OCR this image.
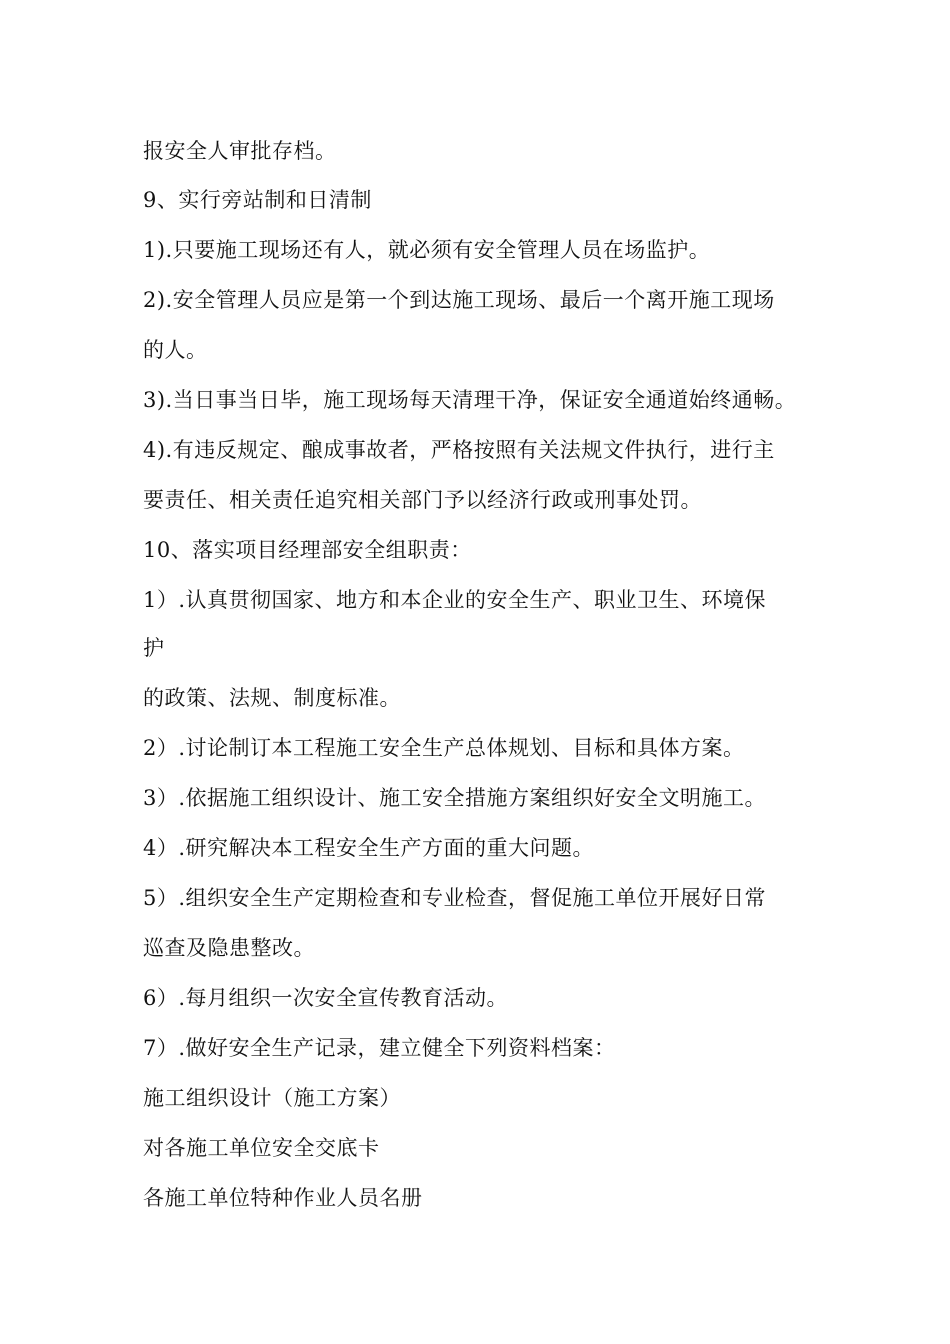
报安全人审批存档。
9、实行旁站制和日清制
1).只要施工现场还有人，就必须有安全管理人员在场监护。
2).安全管理人员应是第一个到达施工现场、最后一个离开施工现场
的人。
3).当日事当日毕，施工现场每天清理干净，保证安全通道始终通畅。
4).有违反规定、酿成事故者，严格按照有关法规文件执行，进行主
要责任、相关责任追究相关部门予以经济行政或刑事处罚。
10、落实项目经理部安全组职责：
1）.认真贯彻国家、地方和本企业的安全生产、职业卫生、环境保
护
的政策、法规、制度标准。
2）.讨论制订本工程施工安全生产总体规划、目标和具体方案。
3）.依据施工组织设计、施工安全措施方案组织好安全文明施工。
4）.研究解决本工程安全生产方面的重大问题。
5）.组织安全生产定期检查和专业检查，督促施工单位开展好日常
巡查及隐患整改。
6）.每月组织一次安全宣传教育活动。
7）.做好安全生产记录，建立健全下列资料档案：
施工组织设计（施工方案）
对各施工单位安全交底卡
各施工单位特种作业人员名册
